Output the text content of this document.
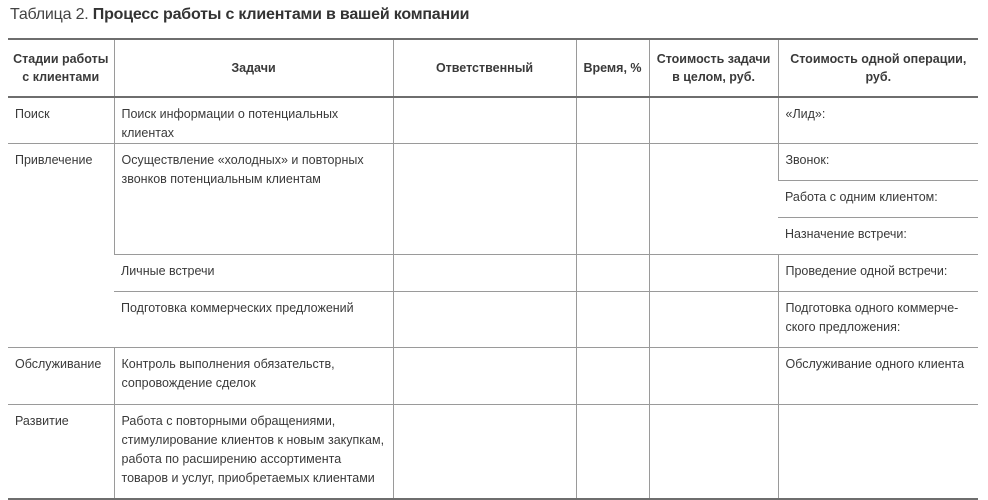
Таблица 2. Процесс работы с клиентами в вашей компании
Стадии работы с клиентами	Задачи	Ответственный	Время, %	Стоимость задачи в целом, руб.	Стоимость одной операции, руб.
Поиск	Поиск информации о потенциальных клиентах				«Лид»:
Привлечение	Осуществление «холодных» и повторных звонков потенциальным клиентам				Звонок:
					Работа с одним клиентом:
					Назначение встречи:
	Личные встречи				Проведение одной встречи:
	Подготовка коммерческих предложений				Подготовка одного коммерче-ского предложения:
Обслуживание	Контроль выполнения обязательств, сопровождение сделок				Обслуживание одного клиента
Развитие	Работа с повторными обращениями, стимулирование клиентов к новым закупкам, работа по расширению ассортимента товаров и услуг, приобретаемых клиентами				
